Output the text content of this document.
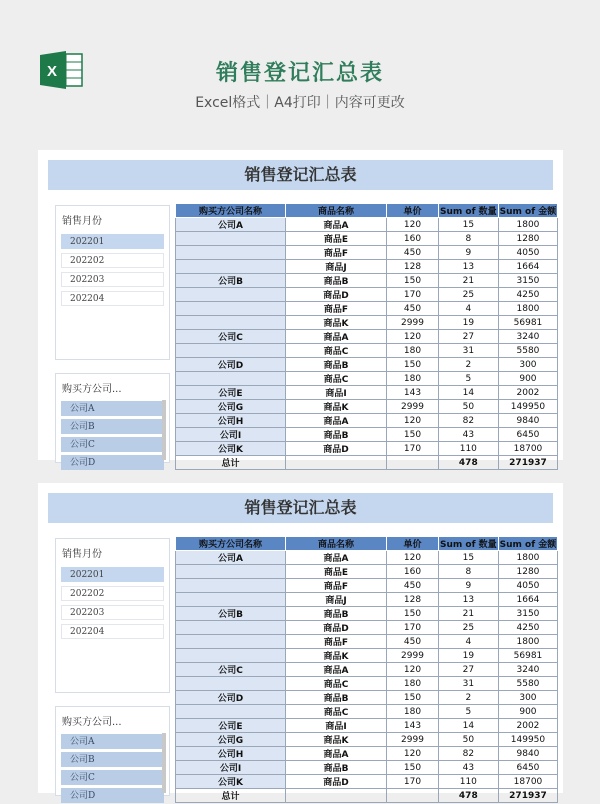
X	销售登记汇总表
Excel格式｜A4打印｜内容可更改
销售登记汇总表
销售月份
202201
202202
202203
202204
购买方公司...
公司A
公司B
公司C
公司D
购买方公司名称	商品名称	单价	Sum of 数量	Sum of 金额
公司A	商品A	120	15	1800
	商品E	160	8	1280
	商品F	450	9	4050
	商品J	128	13	1664
公司B	商品B	150	21	3150
	商品D	170	25	4250
	商品F	450	4	1800
	商品K	2999	19	56981
公司C	商品A	120	27	3240
	商品C	180	31	5580
公司D	商品B	150	2	300
	商品C	180	5	900
公司E	商品I	143	14	2002
公司G	商品K	2999	50	149950
公司H	商品A	120	82	9840
公司I	商品B	150	43	6450
公司K	商品D	170	110	18700
总计			478	271937
销售登记汇总表
销售月份
202201
202202
202203
202204
购买方公司...
公司A
公司B
公司C
公司D
购买方公司名称	商品名称	单价	Sum of 数量	Sum of 金额
公司A	商品A	120	15	1800
	商品E	160	8	1280
	商品F	450	9	4050
	商品J	128	13	1664
公司B	商品B	150	21	3150
	商品D	170	25	4250
	商品F	450	4	1800
	商品K	2999	19	56981
公司C	商品A	120	27	3240
	商品C	180	31	5580
公司D	商品B	150	2	300
	商品C	180	5	900
公司E	商品I	143	14	2002
公司G	商品K	2999	50	149950
公司H	商品A	120	82	9840
公司I	商品B	150	43	6450
公司K	商品D	170	110	18700
总计			478	271937
